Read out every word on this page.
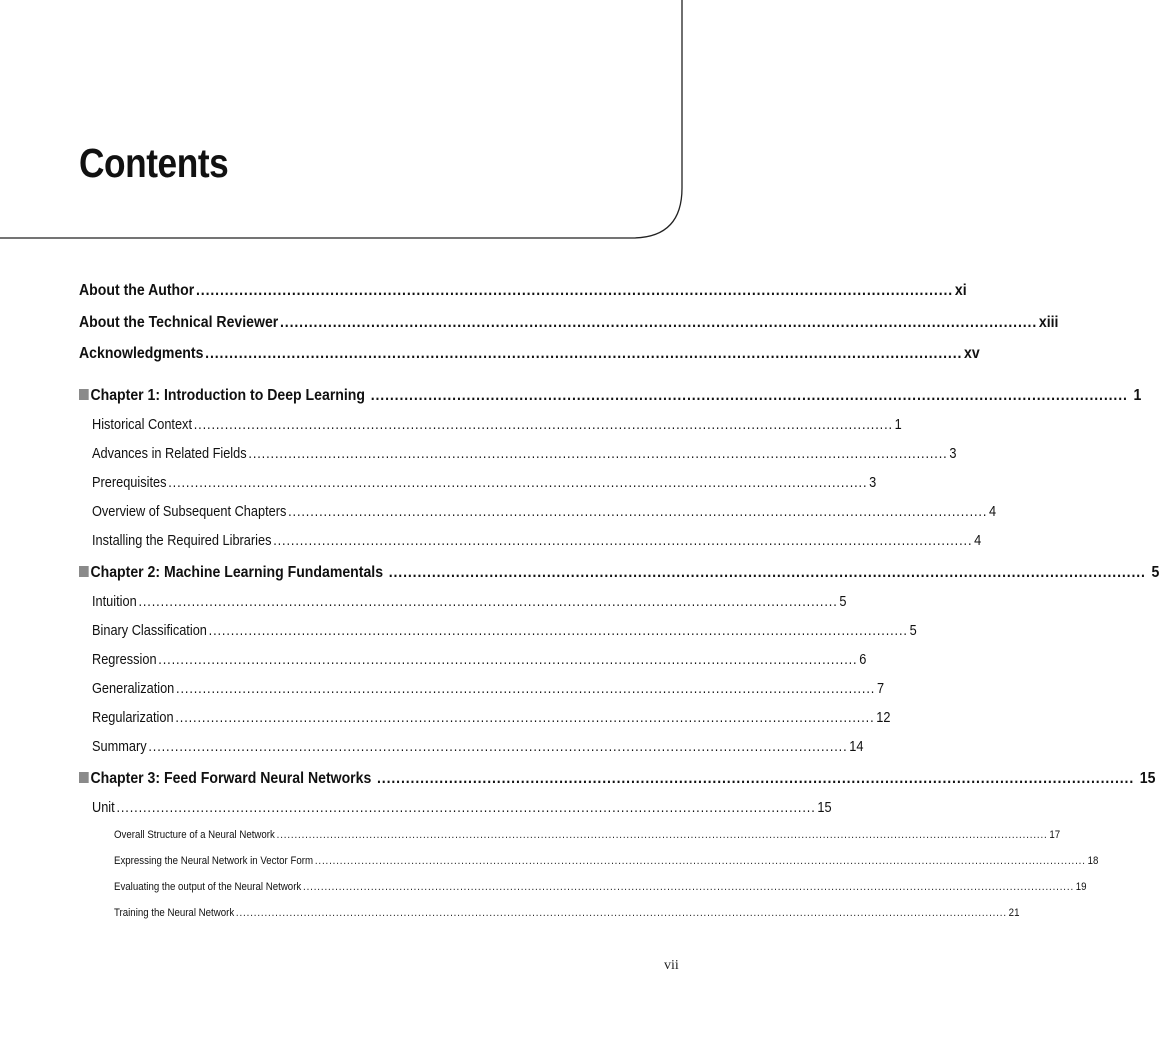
Contents
About the Author .............................................................................................................................................................. xi
About the Technical Reviewer .............................................................................................................................................................. xiii
Acknowledgments .............................................................................................................................................................. xv
Chapter 1: Introduction to Deep Learning .............................................................................................................................................................. 1
Historical Context .............................................................................................................................................................. 1
Advances in Related Fields .............................................................................................................................................................. 3
Prerequisites .............................................................................................................................................................. 3
Overview of Subsequent Chapters .............................................................................................................................................................. 4
Installing the Required Libraries .............................................................................................................................................................. 4
Chapter 2: Machine Learning Fundamentals .............................................................................................................................................................. 5
Intuition .............................................................................................................................................................. 5
Binary Classification .............................................................................................................................................................. 5
Regression .............................................................................................................................................................. 6
Generalization .............................................................................................................................................................. 7
Regularization .............................................................................................................................................................. 12
Summary .............................................................................................................................................................. 14
Chapter 3: Feed Forward Neural Networks .............................................................................................................................................................. 15
Unit .............................................................................................................................................................. 15
Overall Structure of a Neural Network ........................................................................................................................................................................................................................ 17
Expressing the Neural Network in Vector Form ........................................................................................................................................................................................................................ 18
Evaluating the output of the Neural Network ........................................................................................................................................................................................................................ 19
Training the Neural Network ........................................................................................................................................................................................................................ 21
vii
